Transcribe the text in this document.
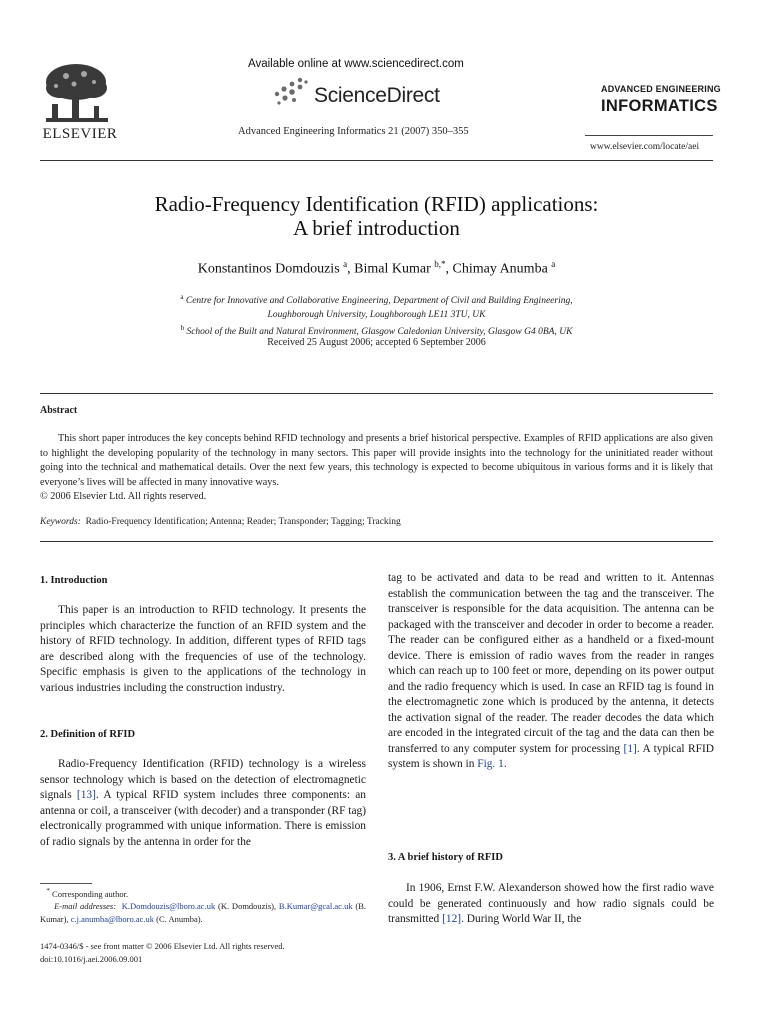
ELSEVIER
Available online at www.sciencedirect.com
ScienceDirect
Advanced Engineering Informatics 21 (2007) 350–355
ADVANCED ENGINEERING
INFORMATICS
www.elsevier.com/locate/aei
Radio-Frequency Identification (RFID) applications:
A brief introduction
Konstantinos Domdouzis $^a$, Bimal Kumar $^{b,*}$, Chimay Anumba $^a$
$^a$ Centre for Innovative and Collaborative Engineering, Department of Civil and Building Engineering,
Loughborough University, Loughborough LE11 3TU, UK
$^b$ School of the Built and Natural Environment, Glasgow Caledonian University, Glasgow G4 0BA, UK
Received 25 August 2006; accepted 6 September 2006
Abstract

This short paper introduces the key concepts behind RFID technology and presents a brief historical perspective. Examples of RFID applications are also given to highlight the developing popularity of the technology in many sectors. This paper will provide insights into the technology for the uninitiated reader without going into the technical and mathematical details. Over the next few years, this technology is expected to become ubiquitous in various forms and it is likely that everyone’s lives will be affected in many innovative ways.

© 2006 Elsevier Ltd. All rights reserved.
Keywords: Radio-Frequency Identification; Antenna; Reader; Transponder; Tagging; Tracking
1. Introduction

This paper is an introduction to RFID technology. It presents the principles which characterize the function of an RFID system and the history of RFID technology. In addition, different types of RFID tags are described along with the frequencies of use of the technology. Specific emphasis is given to the applications of the technology in various industries including the construction industry.

2. Definition of RFID

Radio-Frequency Identification (RFID) technology is a wireless sensor technology which is based on the detection of electromagnetic signals [13]. A typical RFID system includes three components: an antenna or coil, a transceiver (with decoder) and a transponder (RF tag) electronically programmed with unique information. There is emission of radio signals by the antenna in order for the

tag to be activated and data to be read and written to it. Antennas establish the communication between the tag and the transceiver. The transceiver is responsible for the data acquisition. The antenna can be packaged with the transceiver and decoder in order to become a reader. The reader can be configured either as a handheld or a fixed-mount device. There is emission of radio waves from the reader in ranges which can reach up to 100 feet or more, depending on its power output and the radio frequency which is used. In case an RFID tag is found in the electromagnetic zone which is produced by the antenna, it detects the activation signal of the reader. The reader decodes the data which are encoded in the integrated circuit of the tag and the data can then be transferred to any computer system for processing [1]. A typical RFID system is shown in Fig. 1.

3. A brief history of RFID

In 1906, Ernst F.W. Alexanderson showed how the first radio wave could be generated continuously and how radio signals could be transmitted [12]. During World War II, the

* Corresponding author.

E-mail addresses: K.Domdouzis@lboro.ac.uk (K. Domdouzis), B.Kumar@gcal.ac.uk (B. Kumar), c.j.anumba@lboro.ac.uk (C. Anumba).

1474-0346/$ - see front matter © 2006 Elsevier Ltd. All rights reserved.
doi:10.1016/j.aei.2006.09.001
